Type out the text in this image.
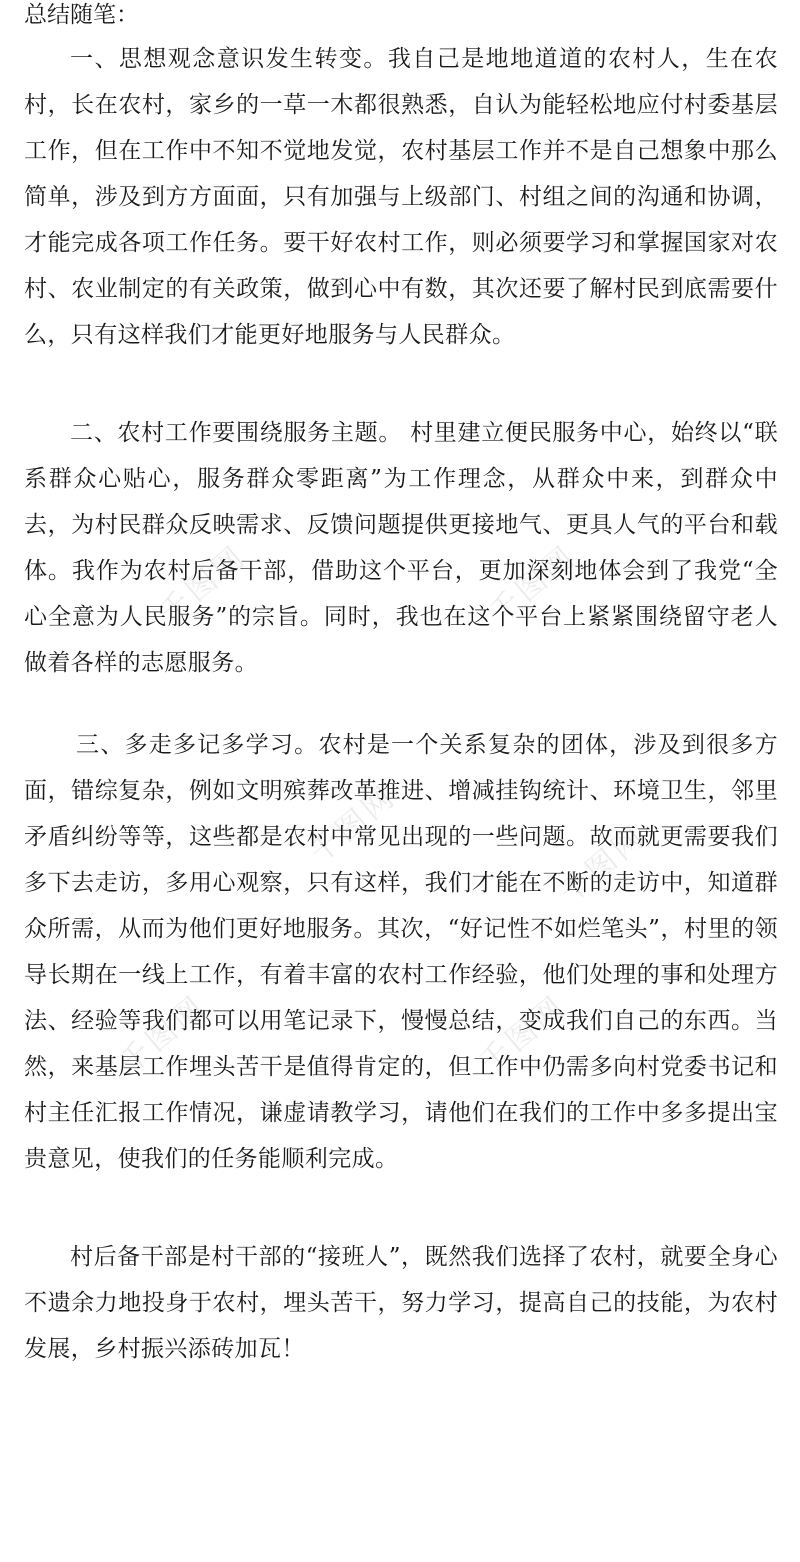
千图网	千图网
千图网	千图网
千图网	千图网
总结随笔：

一、思想观念意识发生转变。我自己是地地道道的农村人，生在农村，长在农村，家乡的一草一木都很熟悉，自认为能轻松地应付村委基层工作，但在工作中不知不觉地发觉，农村基层工作并不是自己想象中那么简单，涉及到方方面面，只有加强与上级部门、村组之间的沟通和协调，才能完成各项工作任务。要干好农村工作，则必须要学习和掌握国家对农村、农业制定的有关政策，做到心中有数，其次还要了解村民到底需要什么，只有这样我们才能更好地服务与人民群众。

二、农村工作要围绕服务主题。 村里建立便民服务中心，始终以“联系群众心贴心，服务群众零距离”为工作理念，从群众中来，到群众中去，为村民群众反映需求、反馈问题提供更接地气、更具人气的平台和载体。我作为农村后备干部，借助这个平台，更加深刻地体会到了我党“全心全意为人民服务”的宗旨。同时，我也在这个平台上紧紧围绕留守老人做着各样的志愿服务。

三、多走多记多学习。农村是一个关系复杂的团体，涉及到很多方面，错综复杂，例如文明殡葬改革推进、增减挂钩统计、环境卫生，邻里矛盾纠纷等等，这些都是农村中常见出现的一些问题。故而就更需要我们多下去走访，多用心观察，只有这样，我们才能在不断的走访中，知道群众所需，从而为他们更好地服务。其次，“好记性不如烂笔头”，村里的领导长期在一线上工作，有着丰富的农村工作经验，他们处理的事和处理方法、经验等我们都可以用笔记录下，慢慢总结，变成我们自己的东西。当然，来基层工作埋头苦干是值得肯定的，但工作中仍需多向村党委书记和村主任汇报工作情况，谦虚请教学习，请他们在我们的工作中多多提出宝贵意见，使我们的任务能顺利完成。

村后备干部是村干部的“接班人”，既然我们选择了农村，就要全身心不遗余力地投身于农村，埋头苦干，努力学习，提高自己的技能，为农村发展，乡村振兴添砖加瓦！
